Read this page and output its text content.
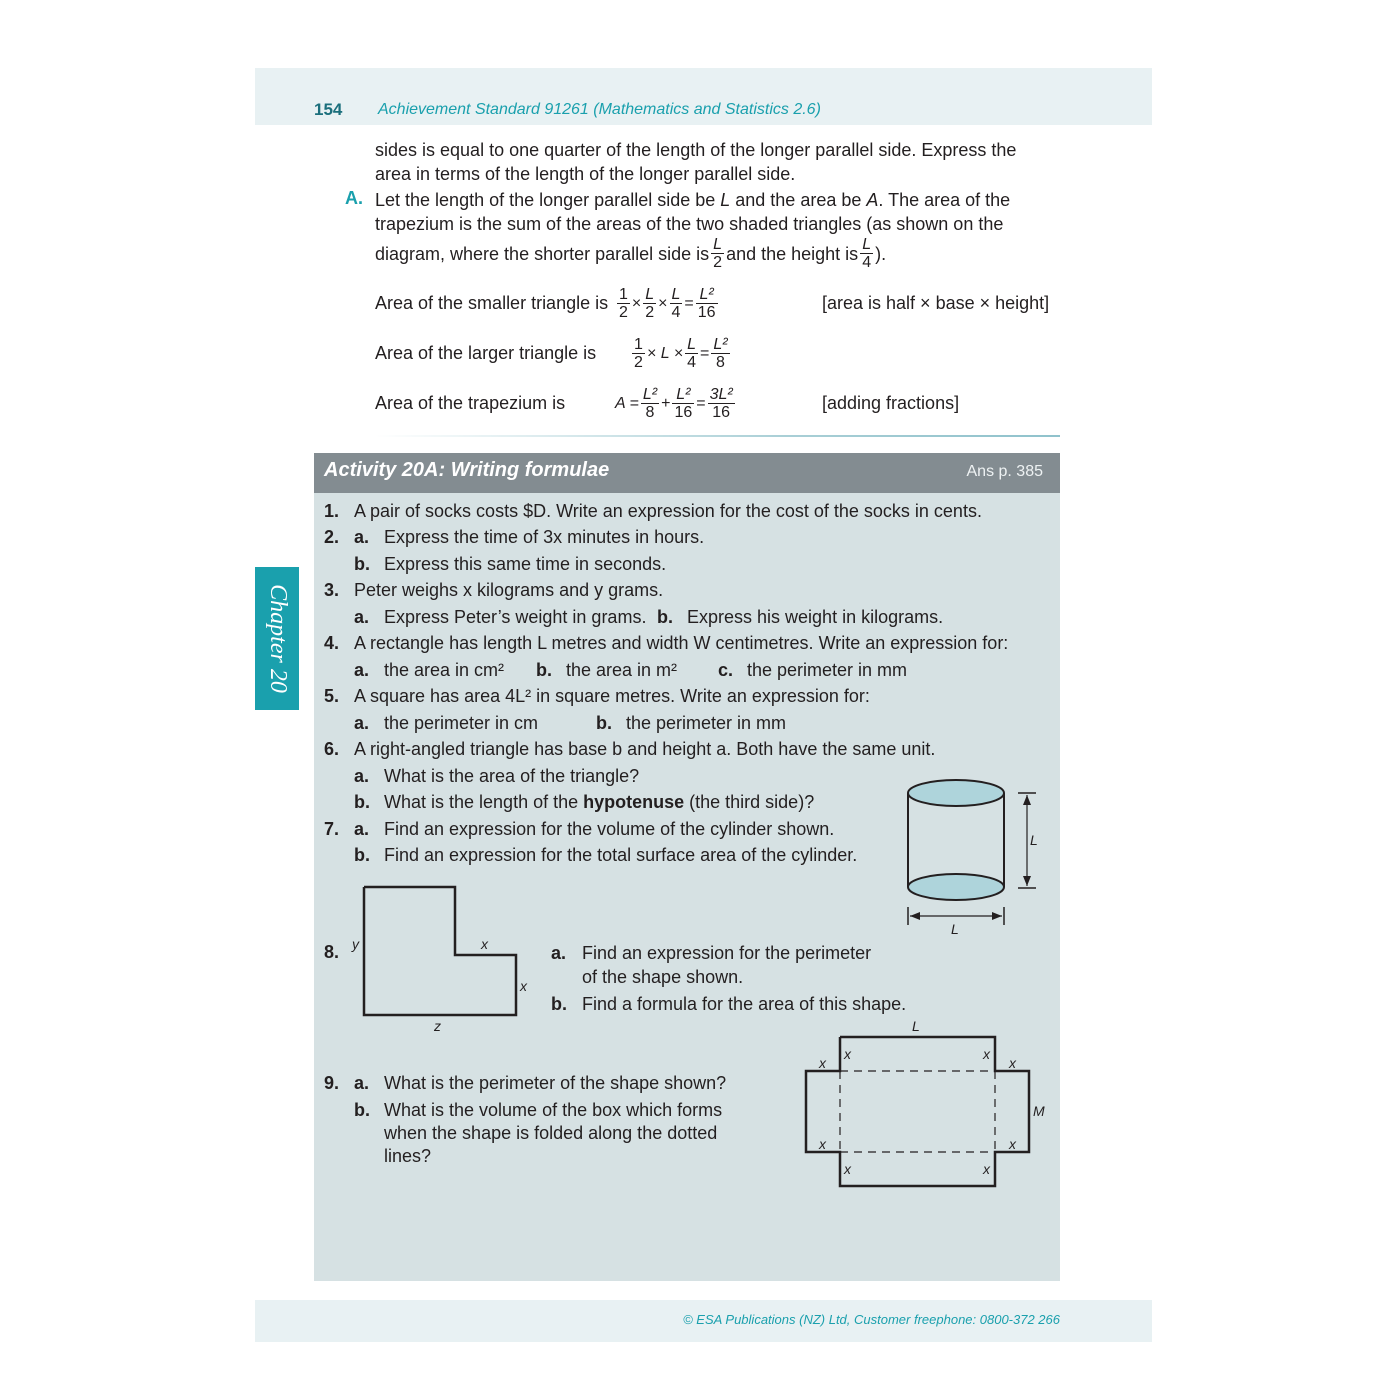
154 Achievement Standard 91261 (Mathematics and Statistics 2.6)
sides is equal to one quarter of the length of the longer parallel side. Express the
area in terms of the length of the longer parallel side.
A. Let the length of the longer parallel side be L and the area be A. The area of the
trapezium is the sum of the areas of the two shaded triangles (as shown on the
diagram, where the shorter parallel side is $\frac{L}{2}$ and the height is $\frac{L}{4}$ ).
Area of the smaller triangle is $\frac{1}{2} \times \frac{L}{2} \times \frac{L}{4} = \frac{\text{L²}}{16}$	[area is half × base × height]
Area of the larger triangle is	$\frac{1}{2} \times L \times \frac{L}{4} = \frac{\text{L²}}{8}$
Area of the trapezium is	$A = \frac{\text{L²}}{8} + \frac{\text{L²}}{16} = \frac{\text{3L²}}{16}$	[adding fractions]
Chapter 20
Activity 20A: Writing formulae	Ans p. 385
1. A pair of socks costs $D. Write an expression for the cost of the socks in cents.
2. a. Express the time of 3x minutes in hours.
b. Express this same time in seconds.
3. Peter weighs x kilograms and y grams.
a. Express Peter’s weight in grams. b. Express his weight in kilograms.
4. A rectangle has length L metres and width W centimetres. Write an expression for:
a. the area in cm² b. the area in m² c. the perimeter in mm
5. A square has area 4L² in square metres. Write an expression for:
a. the perimeter in cm	b. the perimeter in mm
6. A right-angled triangle has base b and height a. Both have the same unit.
a. What is the area of the triangle?
b. What is the length of the hypotenuse (the third side)?
7. a. Find an expression for the volume of the cylinder shown.
b. Find an expression for the total surface area of the cylinder.
L
L
8. y	x
x
z
a. Find an expression for the perimeter
of the shape shown.
b. Find a formula for the area of this shape.
L
M
x	x
x	x
x	x
x	x
9. a. What is the perimeter of the shape shown?
b. What is the volume of the box which forms
when the shape is folded along the dotted
lines?
© ESA Publications (NZ) Ltd, Customer freephone: 0800-372 266
